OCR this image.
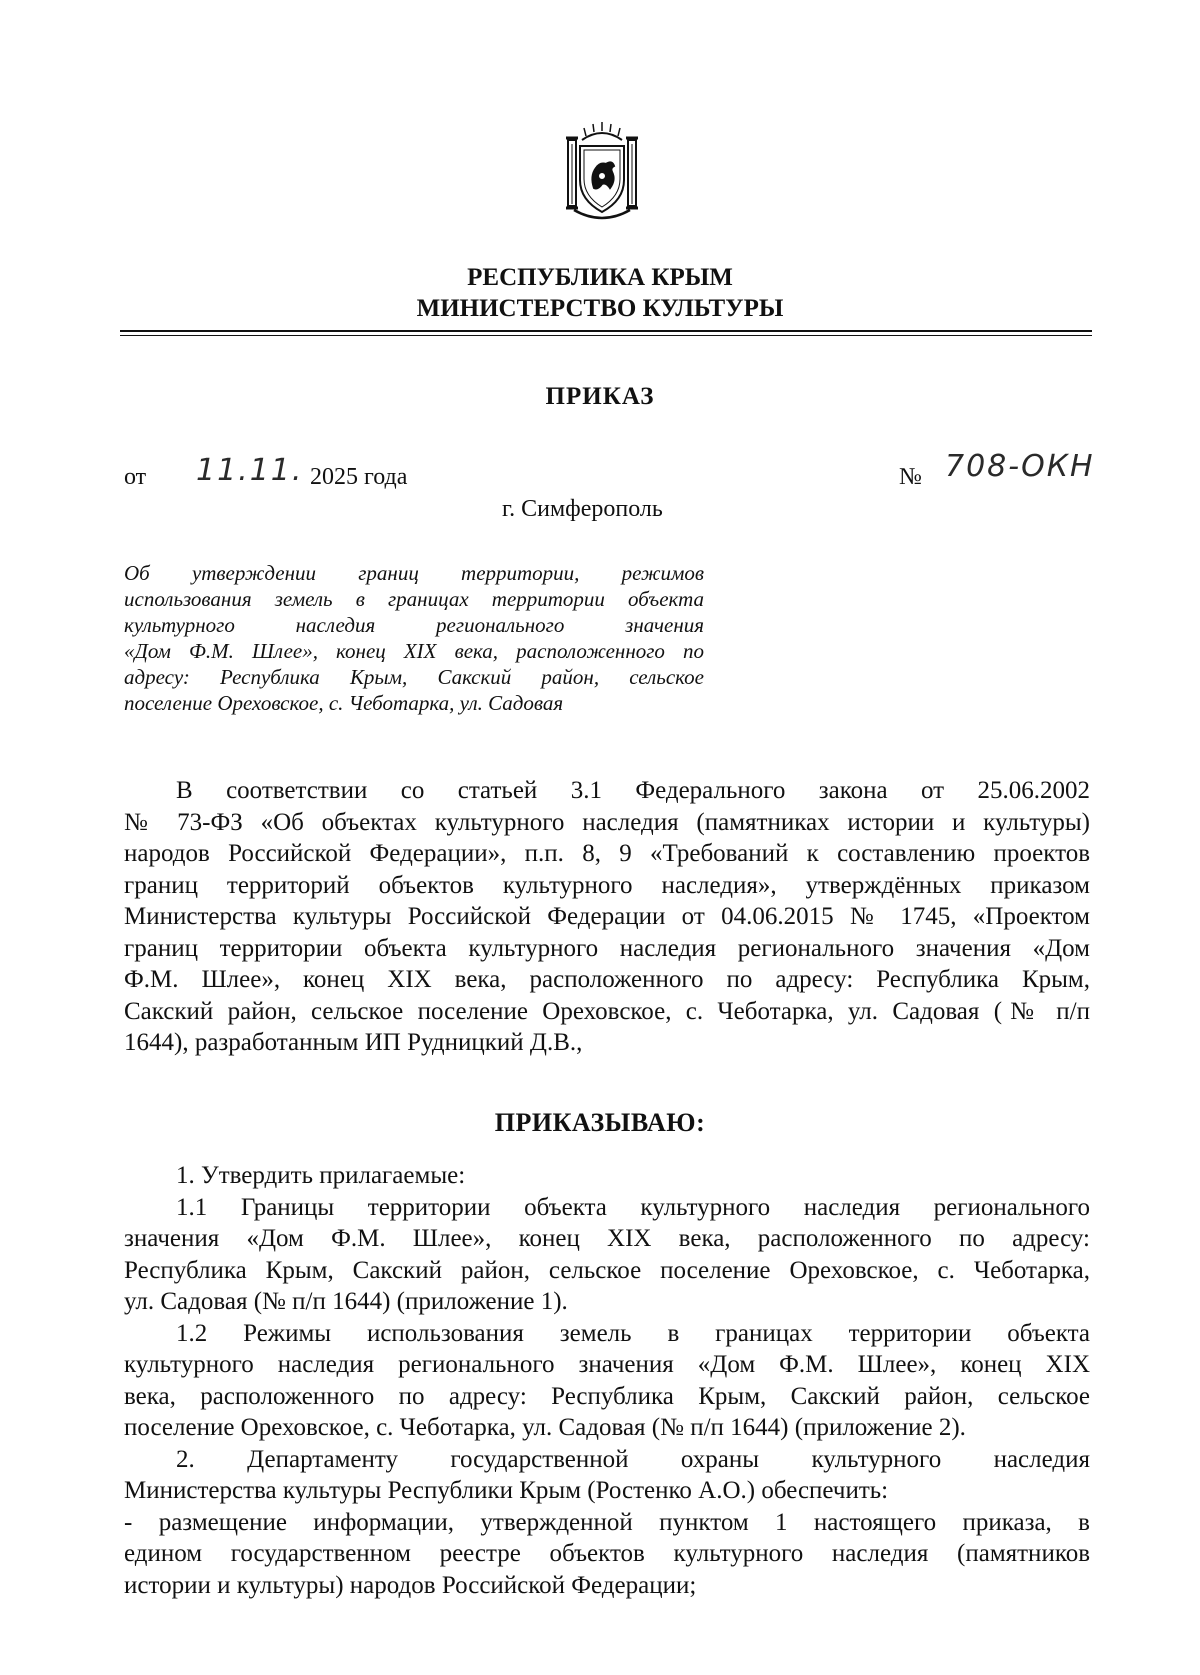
РЕСПУБЛИКА КРЫМ
МИНИСТЕРСТВО КУЛЬТУРЫ
ПРИКАЗ
от 11.11. 2025 года	№ 708-ОКН
г. Симферополь
Об утверждении границ территории, режимов
использования земель в границах территории объекта
культурного наследия регионального значения
«Дом Ф.М. Шлее», конец XIX века, расположенного по
адресу: Республика Крым, Сакский район, сельское
поселение Ореховское, с. Чеботарка, ул. Садовая
В соответствии со статьей 3.1 Федерального закона от 25.06.2002
№ 73-ФЗ «Об объектах культурного наследия (памятниках истории и культуры)
народов Российской Федерации», п.п. 8, 9 «Требований к составлению проектов
границ территорий объектов культурного наследия», утверждённых приказом
Министерства культуры Российской Федерации от 04.06.2015 № 1745, «Проектом
границ территории объекта культурного наследия регионального значения «Дом
Ф.М. Шлее», конец XIX века, расположенного по адресу: Республика Крым,
Сакский район, сельское поселение Ореховское, с. Чеботарка, ул. Садовая (№ п/п
1644), разработанным ИП Рудницкий Д.В.,
ПРИКАЗЫВАЮ:
1. Утвердить прилагаемые:
1.1 Границы территории объекта культурного наследия регионального
значения «Дом Ф.М. Шлее», конец XIX века, расположенного по адресу:
Республика Крым, Сакский район, сельское поселение Ореховское, с. Чеботарка,
ул. Садовая (№ п/п 1644) (приложение 1).
1.2 Режимы использования земель в границах территории объекта
культурного наследия регионального значения «Дом Ф.М. Шлее», конец XIX
века, расположенного по адресу: Республика Крым, Сакский район, сельское
поселение Ореховское, с. Чеботарка, ул. Садовая (№ п/п 1644) (приложение 2).
2. Департаменту государственной охраны культурного наследия
Министерства культуры Республики Крым (Ростенко А.О.) обеспечить:
- размещение информации, утвержденной пунктом 1 настоящего приказа, в
едином государственном реестре объектов культурного наследия (памятников
истории и культуры) народов Российской Федерации;
